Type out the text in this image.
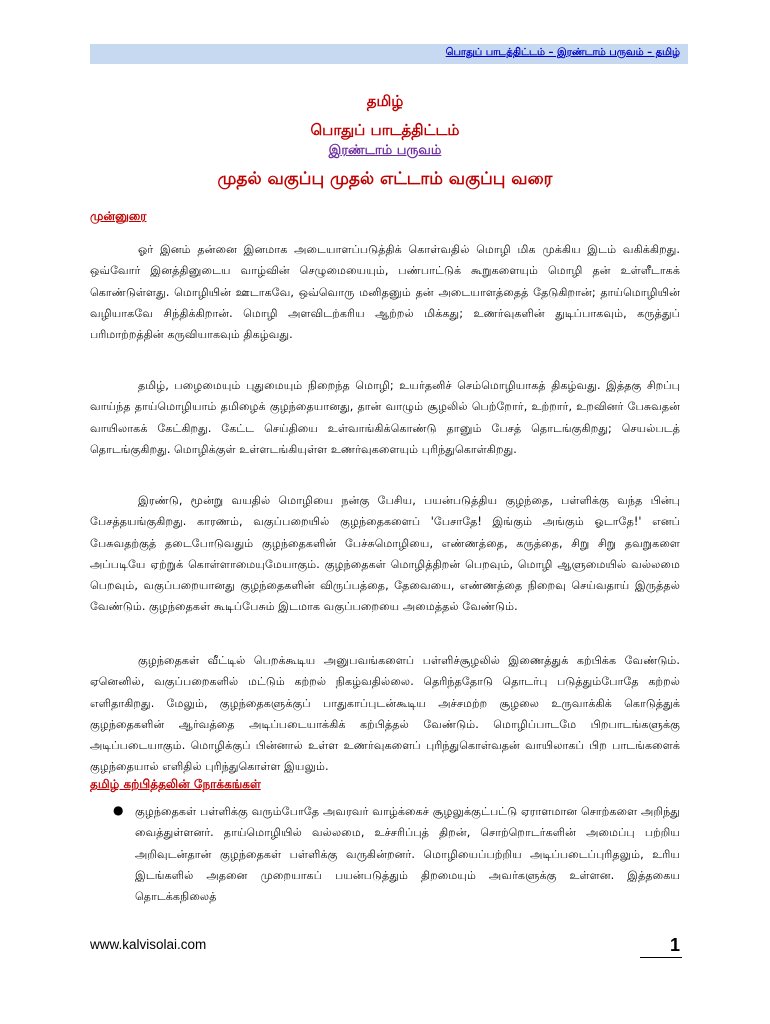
பொதுப் பாடத்திட்டம் – இரண்டாம் பருவம் – தமிழ்
தமிழ்
பொதுப் பாடத்திட்டம்
இரண்டாம் பருவம்
முதல் வகுப்பு முதல் எட்டாம் வகுப்பு வரை
முன்னுரை

ஓர் இனம் தன்னை இனமாக அடையாளப்படுத்திக் கொள்வதில் மொழி மிக முக்கிய இடம் வகிக்கிறது. ஒவ்வோர் இனத்தினுடைய வாழ்வின் செழுமையையும், பண்பாட்டுக் கூறுகளையும் மொழி தன் உள்ளீடாகக் கொண்டுள்ளது. மொழியின் ஊடாகவே, ஒவ்வொரு மனிதனும் தன் அடையாளத்தைத் தேடுகிறான்; தாய்மொழியின் வழியாகவே சிந்திக்கிறான். மொழி அளவிடற்கரிய ஆற்றல் மிக்கது; உணர்வுகளின் துடிப்பாகவும், கருத்துப் பரிமாற்றத்தின் கருவியாகவும் திகழ்வது.

தமிழ், பழைமையும் புதுமையும் நிறைந்த மொழி; உயர்தனிச் செம்மொழியாகத் திகழ்வது. இத்தகு சிறப்பு வாய்ந்த தாய்மொழியாம் தமிழைக் குழந்தையானது, தான் வாழும் சூழலில் பெற்றோர், உற்றார், உறவினர் பேசுவதன் வாயிலாகக் கேட்கிறது. கேட்ட செய்தியை உள்வாங்கிக்கொண்டு தானும் பேசத் தொடங்குகிறது; செயல்படத் தொடங்குகிறது. மொழிக்குள் உள்ளடங்கியுள்ள உணர்வுகளையும் புரிந்துகொள்கிறது.

இரண்டு, மூன்று வயதில் மொழியை நன்கு பேசிய, பயன்படுத்திய குழந்தை, பள்ளிக்கு வந்த பின்பு பேசத்தயங்குகிறது. காரணம், வகுப்பறையில் குழந்தைகளைப் 'பேசாதே! இங்கும் அங்கும் ஓடாதே!' எனப் பேசுவதற்குத் தடைபோடுவதும் குழந்தைகளின் பேச்சுமொழியை, எண்ணத்தை, கருத்தை, சிறு சிறு தவறுகளை அப்படியே ஏற்றுக் கொள்ளாமையுமேயாகும். குழந்தைகள் மொழித்திறன் பெறவும், மொழி ஆளுமையில் வல்லமை பெறவும், வகுப்பறையானது குழந்தைகளின் விருப்பத்தை, தேவையை, எண்ணத்தை நிறைவு செய்வதாய் இருத்தல் வேண்டும். குழந்தைகள் கூடிப்பேசும் இடமாக வகுப்பறையை அமைத்தல் வேண்டும்.

குழந்தைகள் வீட்டில் பெறக்கூடிய அனுபவங்களைப் பள்ளிச்சூழலில் இணைத்துக் கற்பிக்க வேண்டும். ஏனெனில், வகுப்பறைகளில் மட்டும் கற்றல் நிகழ்வதில்லை. தெரிந்ததோடு தொடர்பு படுத்தும்போதே கற்றல் எளிதாகிறது. மேலும், குழந்தைகளுக்குப் பாதுகாப்புடன்கூடிய அச்சமற்ற சூழலை உருவாக்கிக் கொடுத்துக் குழந்தைகளின் ஆர்வத்தை அடிப்படையாக்கிக் கற்பித்தல் வேண்டும். மொழிப்பாடமே பிறபாடங்களுக்கு அடிப்படையாகும். மொழிக்குப் பின்னால் உள்ள உணர்வுகளைப் புரிந்துகொள்வதன் வாயிலாகப் பிற பாடங்களைக் குழந்தையால் எளிதில் புரிந்துகொள்ள இயலும்.

தமிழ் கற்பித்தலின் நோக்கங்கள்
● குழந்தைகள் பள்ளிக்கு வரும்போதே அவரவர் வாழ்க்கைச் சூழலுக்குட்பட்டு ஏராளமான சொற்களை அறிந்து வைத்துள்ளனர். தாய்மொழியில் வல்லமை, உச்சரிப்புத் திறன், சொற்றொடர்களின் அமைப்பு பற்றிய அறிவுடன்தான் குழந்தைகள் பள்ளிக்கு வருகின்றனர். மொழியைப்பற்றிய அடிப்படைப்புரிதலும், உரிய இடங்களில் அதனை முறையாகப் பயன்படுத்தும் திறமையும் அவர்களுக்கு உள்ளன. இத்தகைய தொடக்கநிலைத்

www.kalvisolai.com	1
